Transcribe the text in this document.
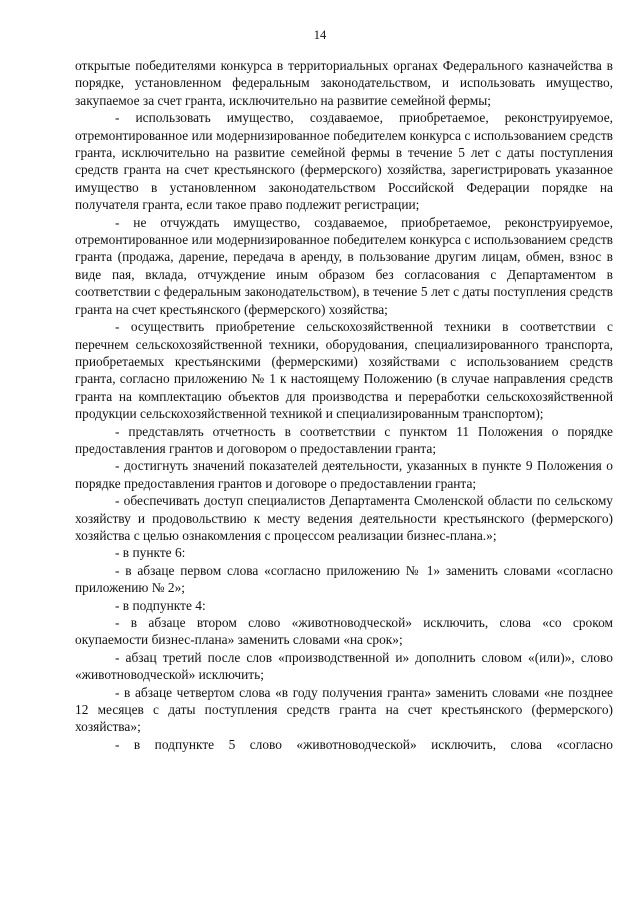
14

открытые победителями конкурса в территориальных органах Федерального казначейства в порядке, установленном федеральным законодательством, и использовать имущество, закупаемое за счет гранта, исключительно на развитие семейной фермы;

- использовать имущество, создаваемое, приобретаемое, реконструируемое, отремонтированное или модернизированное победителем конкурса с использованием средств гранта, исключительно на развитие семейной фермы в течение 5 лет с даты поступления средств гранта на счет крестьянского (фермерского) хозяйства, зарегистрировать указанное имущество в установленном законодательством Российской Федерации порядке на получателя гранта, если такое право подлежит регистрации;

- не отчуждать имущество, создаваемое, приобретаемое, реконструируемое, отремонтированное или модернизированное победителем конкурса с использованием средств гранта (продажа, дарение, передача в аренду, в пользование другим лицам, обмен, взнос в виде пая, вклада, отчуждение иным образом без согласования с Департаментом в соответствии с федеральным законодательством), в течение 5 лет с даты поступления средств гранта на счет крестьянского (фермерского) хозяйства;

- осуществить приобретение сельскохозяйственной техники в соответствии с перечнем сельскохозяйственной техники, оборудования, специализированного транспорта, приобретаемых крестьянскими (фермерскими) хозяйствами с использованием средств гранта, согласно приложению № 1 к настоящему Положению (в случае направления средств гранта на комплектацию объектов для производства и переработки сельскохозяйственной продукции сельскохозяйственной техникой и специализированным транспортом);

- представлять отчетность в соответствии с пунктом 11 Положения о порядке предоставления грантов и договором о предоставлении гранта;

- достигнуть значений показателей деятельности, указанных в пункте 9 Положения о порядке предоставления грантов и договоре о предоставлении гранта;

- обеспечивать доступ специалистов Департамента Смоленской области по сельскому хозяйству и продовольствию к месту ведения деятельности крестьянского (фермерского) хозяйства с целью ознакомления с процессом реализации бизнес-плана.»;

- в пункте 6:

- в абзаце первом слова «согласно приложению № 1» заменить словами «согласно приложению № 2»;

- в подпункте 4:

- в абзаце втором слово «животноводческой» исключить, слова «со сроком окупаемости бизнес-плана» заменить словами «на срок»;

- абзац третий после слов «производственной и» дополнить словом «(или)», слово «животноводческой» исключить;

- в абзаце четвертом слова «в году получения гранта» заменить словами «не позднее 12 месяцев с даты поступления средств гранта на счет крестьянского (фермерского) хозяйства»;

- в подпункте 5 слово «животноводческой» исключить, слова «согласно
